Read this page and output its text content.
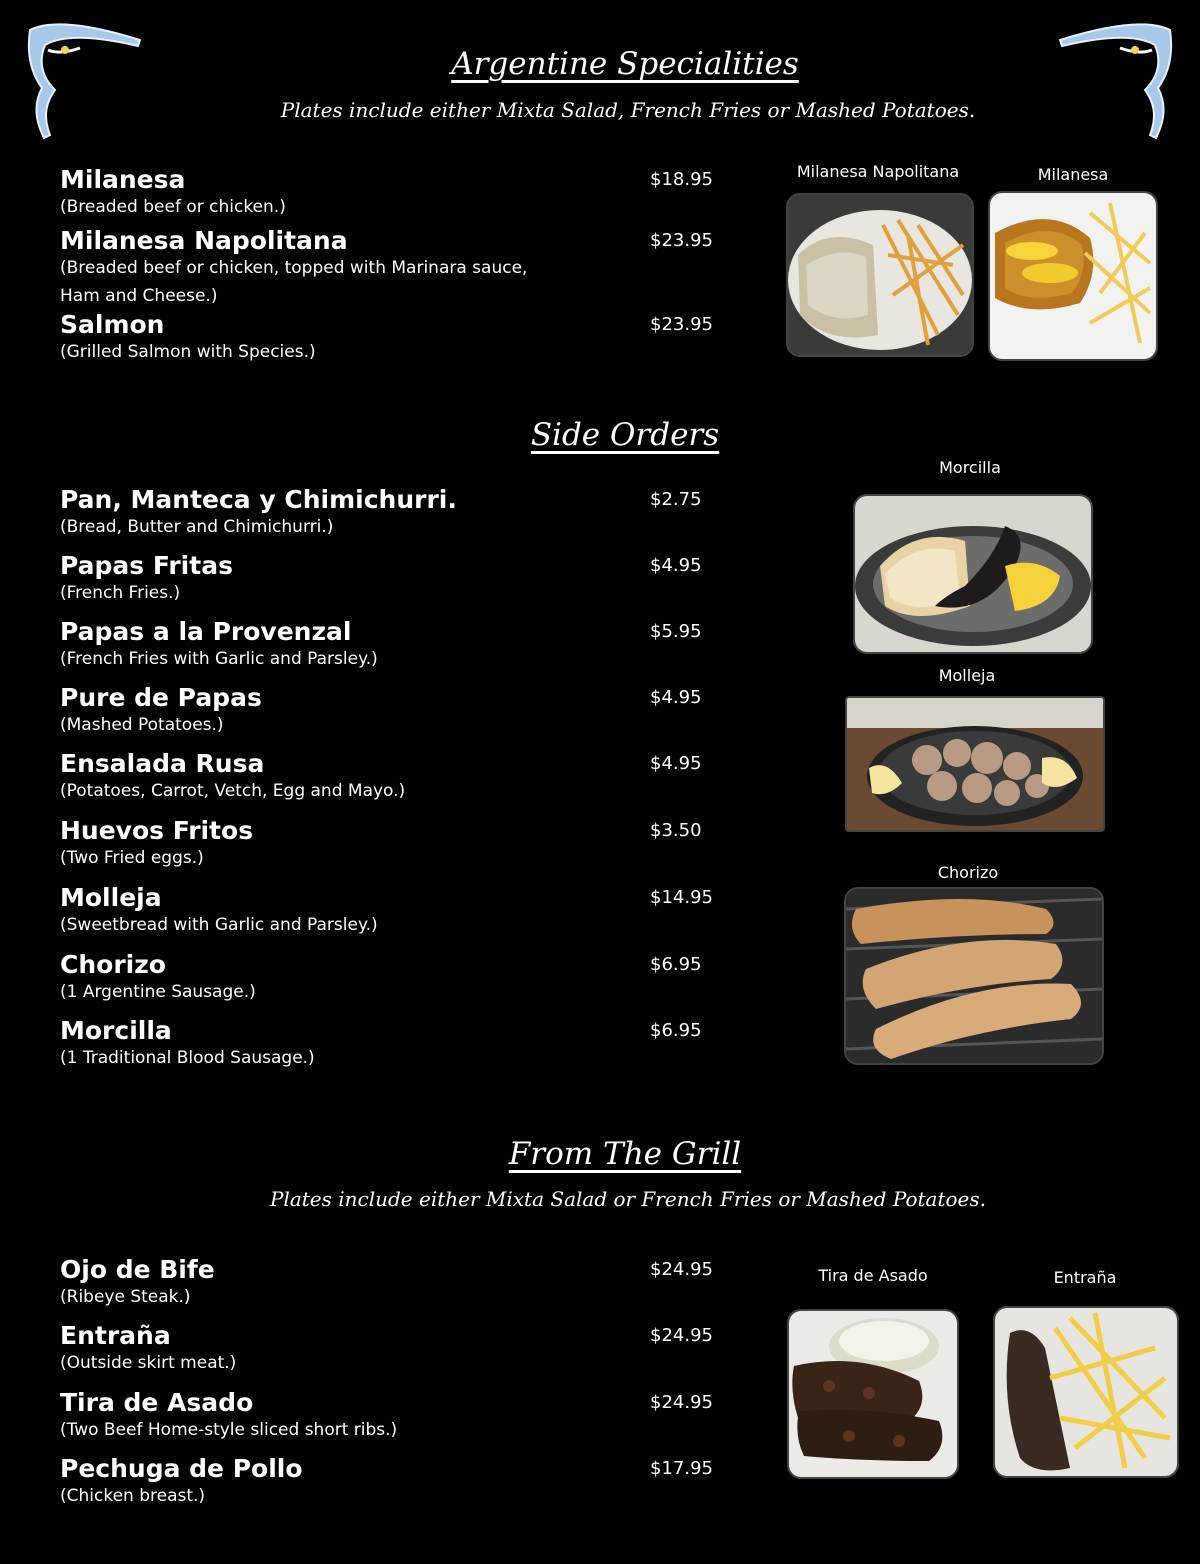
Argentine Specialities
Plates include either Mixta Salad, French Fries or Mashed Potatoes.
Milanesa
(Breaded beef or chicken.)
$18.95
Milanesa Napolitana
(Breaded beef or chicken, topped with Marinara sauce,
Ham and Cheese.)
$23.95
Salmon
(Grilled Salmon with Species.)
$23.95
Milanesa Napolitana	Milanesa
Side Orders
Pan, Manteca y Chimichurri.
(Bread, Butter and Chimichurri.)
$2.75
Papas Fritas
(French Fries.)
$4.95
Papas a la Provenzal
(French Fries with Garlic and Parsley.)
$5.95
Pure de Papas
(Mashed Potatoes.)
$4.95
Ensalada Rusa
(Potatoes, Carrot, Vetch, Egg and Mayo.)
$4.95
Huevos Fritos
(Two Fried eggs.)
$3.50
Molleja
(Sweetbread with Garlic and Parsley.)
$14.95
Chorizo
(1 Argentine Sausage.)
$6.95
Morcilla
(1 Traditional Blood Sausage.)
$6.95
Morcilla
Molleja
Chorizo
From The Grill
Plates include either Mixta Salad or French Fries or Mashed Potatoes.
Ojo de Bife
(Ribeye Steak.)
$24.95
Entraña
(Outside skirt meat.)
$24.95
Tira de Asado
(Two Beef Home-style sliced short ribs.)
$24.95
Pechuga de Pollo
(Chicken breast.)
$17.95
Tira de Asado	Entraña
